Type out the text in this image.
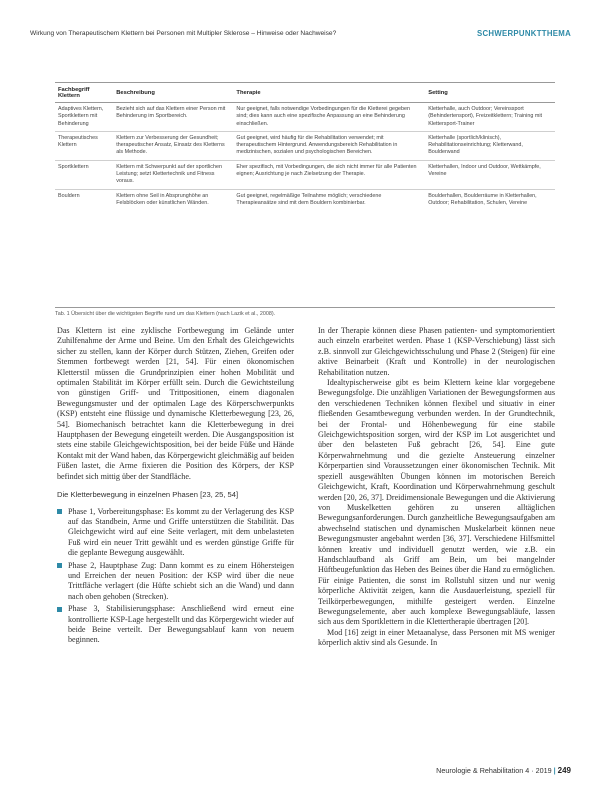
Wirkung von Therapeutischem Klettern bei Personen mit Multipler Sklerose – Hinweise oder Nachweise?	SCHWERPUNKTTHEMA
Fachbegriff Klettern	Beschreibung	Therapie	Setting
Adaptives Klettern, Sportklettern mit Behinderung	Bezieht sich auf das Klettern einer Person mit Behinderung im Sportbereich.	Nur geeignet, falls notwendige Vorbedingungen für die Kletterei gegeben sind; dies kann auch eine spezifische Anpassung an eine Behinderung einschließen.	Kletterhalle, auch Outdoor; Vereinssport (Behindertensport), Freizeitklettern; Training mit Klettersport-Trainer
Therapeutisches Klettern	Klettern zur Verbesserung der Gesundheit; therapeutischer Ansatz, Einsatz des Kletterns als Methode.	Gut geeignet, wird häufig für die Rehabilitation verwendet; mit therapeutischem Hintergrund. Anwendungsbereich Rehabilitation in medizinischen, sozialen und psychologischen Bereichen.	Kletterhalle (sportlich/klinisch), Rehabilitationseinrichtung; Kletterwand, Boulderwand
Sportklettern	Klettern mit Schwerpunkt auf der sportlichen Leistung; setzt Klettertechnik und Fitness voraus.	Eher spezifisch, mit Vorbedingungen, die sich nicht immer für alle Patienten eignen; Ausrichtung je nach Zielsetzung der Therapie.	Kletterhallen, Indoor und Outdoor, Wettkämpfe, Vereine
Bouldern	Klettern ohne Seil in Absprunghöhe an Felsblöcken oder künstlichen Wänden.	Gut geeignet, regelmäßige Teilnahme möglich; verschiedene Therapieansätze sind mit dem Bouldern kombinierbar.	Boulderhallen, Boulderräume in Kletterhallen, Outdoor; Rehabilitation, Schulen, Vereine
Tab. 1 Übersicht über die wichtigsten Begriffe rund um das Klettern (nach Lazik et al., 2008).

Das Klettern ist eine zyklische Fortbewegung im Gelände unter Zuhilfenahme der Arme und Beine. Um den Erhalt des Gleichgewichts sicher zu stellen, kann der Körper durch Stützen, Ziehen, Greifen oder Stemmen fortbewegt werden [21, 54]. Für einen ökonomischen Kletterstil müssen die Grundprinzipien einer hohen Mobilität und optimalen Stabilität im Körper erfüllt sein. Durch die Gewichtsteilung von günstigen Griff- und Trittpositionen, einem diagonalen Bewegungsmuster und der optimalen Lage des Körperschwerpunkts (KSP) entsteht eine flüssige und dynamische Kletterbewegung [23, 26, 54]. Biomechanisch betrachtet kann die Kletterbewegung in drei Hauptphasen der Bewegung eingeteilt werden. Die Ausgangsposition ist stets eine stabile Gleichgewichtsposition, bei der beide Füße und Hände Kontakt mit der Wand haben, das Körpergewicht gleichmäßig auf beiden Füßen lastet, die Arme fixieren die Position des Körpers, der KSP befindet sich mittig über der Standfläche.

Die Kletterbewegung in einzelnen Phasen [23, 25, 54]
Phase 1, Vorbereitungsphase: Es kommt zu der Verlagerung des KSP auf das Standbein, Arme und Griffe unterstützen die Stabilität. Das Gleichgewicht wird auf eine Seite verlagert, mit dem unbelasteten Fuß wird ein neuer Tritt gewählt und es werden günstige Griffe für die geplante Bewegung ausgewählt.
Phase 2, Hauptphase Zug: Dann kommt es zu einem Höhersteigen und Erreichen der neuen Position: der KSP wird über die neue Trittfläche verlagert (die Hüfte schiebt sich an die Wand) und dann nach oben gehoben (Strecken).
Phase 3, Stabilisierungsphase: Anschließend wird erneut eine kontrollierte KSP-Lage hergestellt und das Körpergewicht wieder auf beide Beine verteilt. Der Bewegungsablauf kann von neuem beginnen.

In der Therapie können diese Phasen patienten- und symptomorientiert auch einzeln erarbeitet werden. Phase 1 (KSP-Verschiebung) lässt sich z.B. sinnvoll zur Gleichgewichtsschulung und Phase 2 (Steigen) für eine aktive Beinarbeit (Kraft und Kontrolle) in der neurologischen Rehabilitation nutzen.

Idealtypischerweise gibt es beim Klettern keine klar vorgegebene Bewegungsfolge. Die unzähligen Variationen der Bewegungsformen aus den verschiedenen Techniken können flexibel und situativ in einer fließenden Gesamtbewegung verbunden werden. In der Grundtechnik, bei der Frontal- und Höhenbewegung für eine stabile Gleichgewichtsposition sorgen, wird der KSP im Lot ausgerichtet und über den belasteten Fuß gebracht [26, 54]. Eine gute Körperwahrnehmung und die gezielte Ansteuerung einzelner Körperpartien sind Voraussetzungen einer ökonomischen Technik. Mit speziell ausgewählten Übungen können im motorischen Bereich Gleichgewicht, Kraft, Koordination und Körperwahrnehmung geschult werden [20, 26, 37]. Dreidimensionale Bewegungen und die Aktivierung von Muskelketten gehören zu unseren alltäglichen Bewegungsanforderungen. Durch ganzheitliche Bewegungsaufgaben am abwechselnd statischen und dynamischen Muskelarbeit können neue Bewegungsmuster angebahnt werden [36, 37]. Verschiedene Hilfsmittel können kreativ und individuell genutzt werden, wie z.B. ein Handschlaufband als Griff am Bein, um bei mangelnder Hüftbeugefunktion das Heben des Beines über die Hand zu ermöglichen. Für einige Patienten, die sonst im Rollstuhl sitzen und nur wenig körperliche Aktivität zeigen, kann die Ausdauerleistung, speziell für Teilkörperbewegungen, mithilfe gesteigert werden. Einzelne Bewegungselemente, aber auch komplexe Bewegungsabläufe, lassen sich aus dem Sportklettern in die Klettertherapie übertragen [20].

Mod [16] zeigt in einer Metaanalyse, dass Personen mit MS weniger körperlich aktiv sind als Gesunde. In

Neurologie & Rehabilitation 4 · 2019 | 249
